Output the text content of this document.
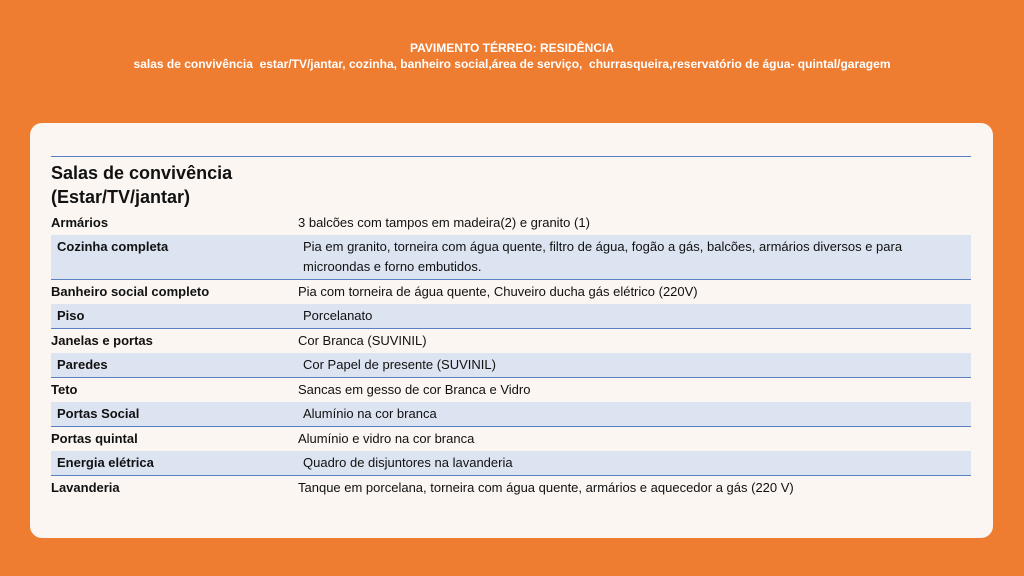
PAVIMENTO TÉRREO: RESIDÊNCIA
salas de convivência  estar/TV/jantar, cozinha, banheiro social,área de serviço,  churrasqueira,reservatório de água- quintal/garagem
Salas de convivência
(Estar/TV/jantar)
Armários	3 balcões com tampos em madeira(2) e granito (1)
Cozinha completa	Pia em granito, torneira com água quente, filtro de água, fogão a gás, balcões, armários diversos e para microondas e forno embutidos.
Banheiro social completo	Pia com torneira de água quente, Chuveiro ducha gás elétrico (220V)
Piso	Porcelanato
Janelas e portas	Cor Branca (SUVINIL)
Paredes	Cor Papel de presente (SUVINIL)
Teto	Sancas em gesso de cor Branca e Vidro
Portas Social	Alumínio na cor branca
Portas quintal	Alumínio e vidro na cor branca
Energia elétrica	Quadro de disjuntores na lavanderia
Lavanderia	Tanque em porcelana, torneira com água quente, armários e aquecedor a gás (220 V)
